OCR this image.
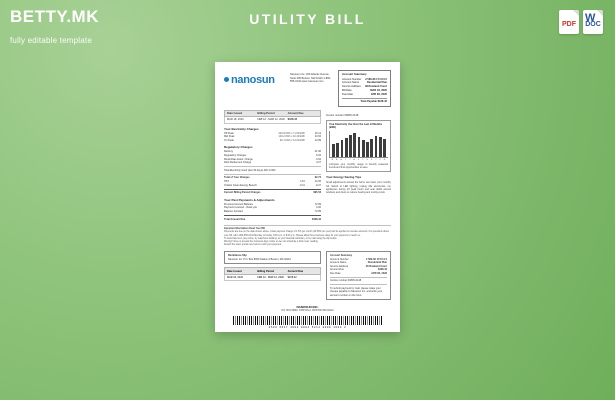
BETTY.MK
fully editable template
UTILITY BILL	PDF
W
DOC
nanosun	Nanosun Inc. 200 Atlantic Avenue, Suite 400 Boston, MA 02110 1-800-555-0134 www.nanosun.com
Account Summary
Account Number 2 583-66 174 8 9 0
Account Name	Residential Plan
Service Address 48 Rowland Court
Bill Date	MAR 18, 2020
Due Date	APR 08, 2020
Total Payable $168.42
Date Issued	Billing Period	Amount Due
MAR 18, 2020	FEB 12 - MAR 12, 2020	$168.42
Your Electricity Charges
Off Peak	223.8 kWh x 7.21¢/kWh	16.14
Mid Peak	104.2 kWh x 10.4¢/kWh	10.84
On Peak	92.1 kWh x 14.0¢/kWh	12.89
Regulatory Charges
Delivery	41.96
Regulatory Charges	6.02
Rural Rate Assist. Charge	0.62
Debt Retirement Charge	4.27
Total Electricity Used (last 30 days) 420.1 kWh
Total of Your Charges	92.74
HST	13%	12.06
Ontario Clean Energy Benefit	-10%	-9.27
Current Billing Period Charges	$95.53
Your Past Payments & Adjustments
Previous Account Balance	72.89
Payment received - thank you	0.00
Balance Forward	72.89
Total Amount Due	$168.42
Invoice number 00845-2148
Your Electricity Use Over the Last 13 Months (kWh)
M	A	M	J	J	A	S	O	N	D	J	F	M
Compare your monthly usage to identify seasonal trends and find opportunities to save.
Your Energy Saving Tips
Small adjustments around the home can lower your monthly bill. Switch to LED lighting, unplug idle electronics, run appliances during off peak hours and seal drafts around windows and doors to reduce heating and cooling costs.
Important Information About Your Bill
Payments are due on the date shown above. A late payment charge of 1.5% per month (19.56% per year) will be applied to overdue amounts. For questions about your bill, call 1-800-555-0134 Monday to Friday, 8:00 a.m. to 8:00 p.m. Please allow three business days for your payment to reach us.
To avoid late fees, pay online, by telephone banking, at your financial institution, or by mail using the slip below.
Moving? Give us at least five business days notice so we can schedule a final meter reading.
Detach the lower portion and return it with your payment.
Remittance Slip
Nanosun Inc. P.O. Box 8830 Station A Boston, MA 02110
Date Issued	Billing Period	Amount Due
MAR 18, 2020	FEB 12 - MAR 12, 2020	$168.42
Account Summary
Account Number	2 583-66 174 8 9 0
Account Name	Residential Plan
Service Address	48 Rowland Court
Amount Due	$168.42
Due Date	APR 08, 2020
Invoice number 00845-2148
To submit payment by mail, please make your cheque payable to Nanosun Inc. and write your account number on the front.
NANOSUN INC.
P.O. BOX 8830, STATION A, BOSTON MA 02110
2583 6617 4890 0084 5214 8000 1684 2
